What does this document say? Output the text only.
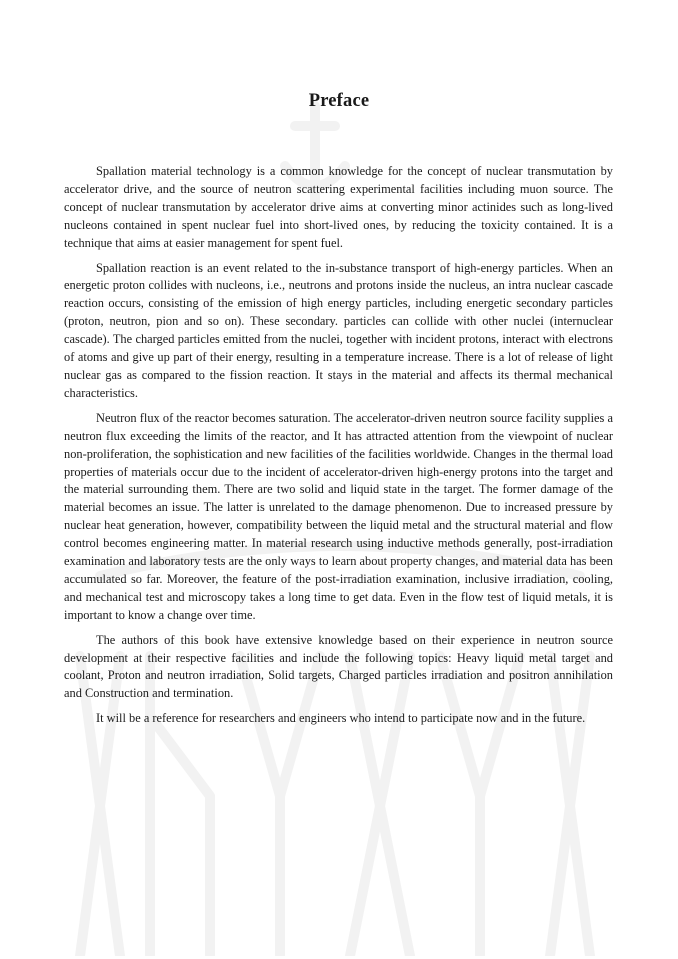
Preface

Spallation material technology is a common knowledge for the concept of nuclear transmutation by accelerator drive, and the source of neutron scattering experimental facilities including muon source. The concept of nuclear transmutation by accelerator drive aims at converting minor actinides such as long-lived nucleons contained in spent nuclear fuel into short-lived ones, by reducing the toxicity contained. It is a technique that aims at easier management for spent fuel.

Spallation reaction is an event related to the in-substance transport of high-energy particles. When an energetic proton collides with nucleons, i.e., neutrons and protons inside the nucleus, an intra nuclear cascade reaction occurs, consisting of the emission of high energy particles, including energetic secondary particles (proton, neutron, pion and so on). These secondary. particles can collide with other nuclei (internuclear cascade). The charged particles emitted from the nuclei, together with incident protons, interact with electrons of atoms and give up part of their energy, resulting in a temperature increase. There is a lot of release of light nuclear gas as compared to the fission reaction. It stays in the material and affects its thermal mechanical characteristics.

Neutron flux of the reactor becomes saturation. The accelerator-driven neutron source facility supplies a neutron flux exceeding the limits of the reactor, and It has attracted attention from the viewpoint of nuclear non-proliferation, the sophistication and new facilities of the facilities worldwide. Changes in the thermal load properties of materials occur due to the incident of accelerator-driven high-energy protons into the target and the material surrounding them. There are two solid and liquid state in the target. The former damage of the material becomes an issue. The latter is unrelated to the damage phenomenon. Due to increased pressure by nuclear heat generation, however, compatibility between the liquid metal and the structural material and flow control becomes engineering matter. In material research using inductive methods generally, post-irradiation examination and laboratory tests are the only ways to learn about property changes, and material data has been accumulated so far. Moreover, the feature of the post-irradiation examination, inclusive irradiation, cooling, and mechanical test and microscopy takes a long time to get data. Even in the flow test of liquid metals, it is important to know a change over time.

The authors of this book have extensive knowledge based on their experience in neutron source development at their respective facilities and include the following topics: Heavy liquid metal target and coolant, Proton and neutron irradiation, Solid targets, Charged particles irradiation and positron annihilation and Construction and termination.

It will be a reference for researchers and engineers who intend to participate now and in the future.
